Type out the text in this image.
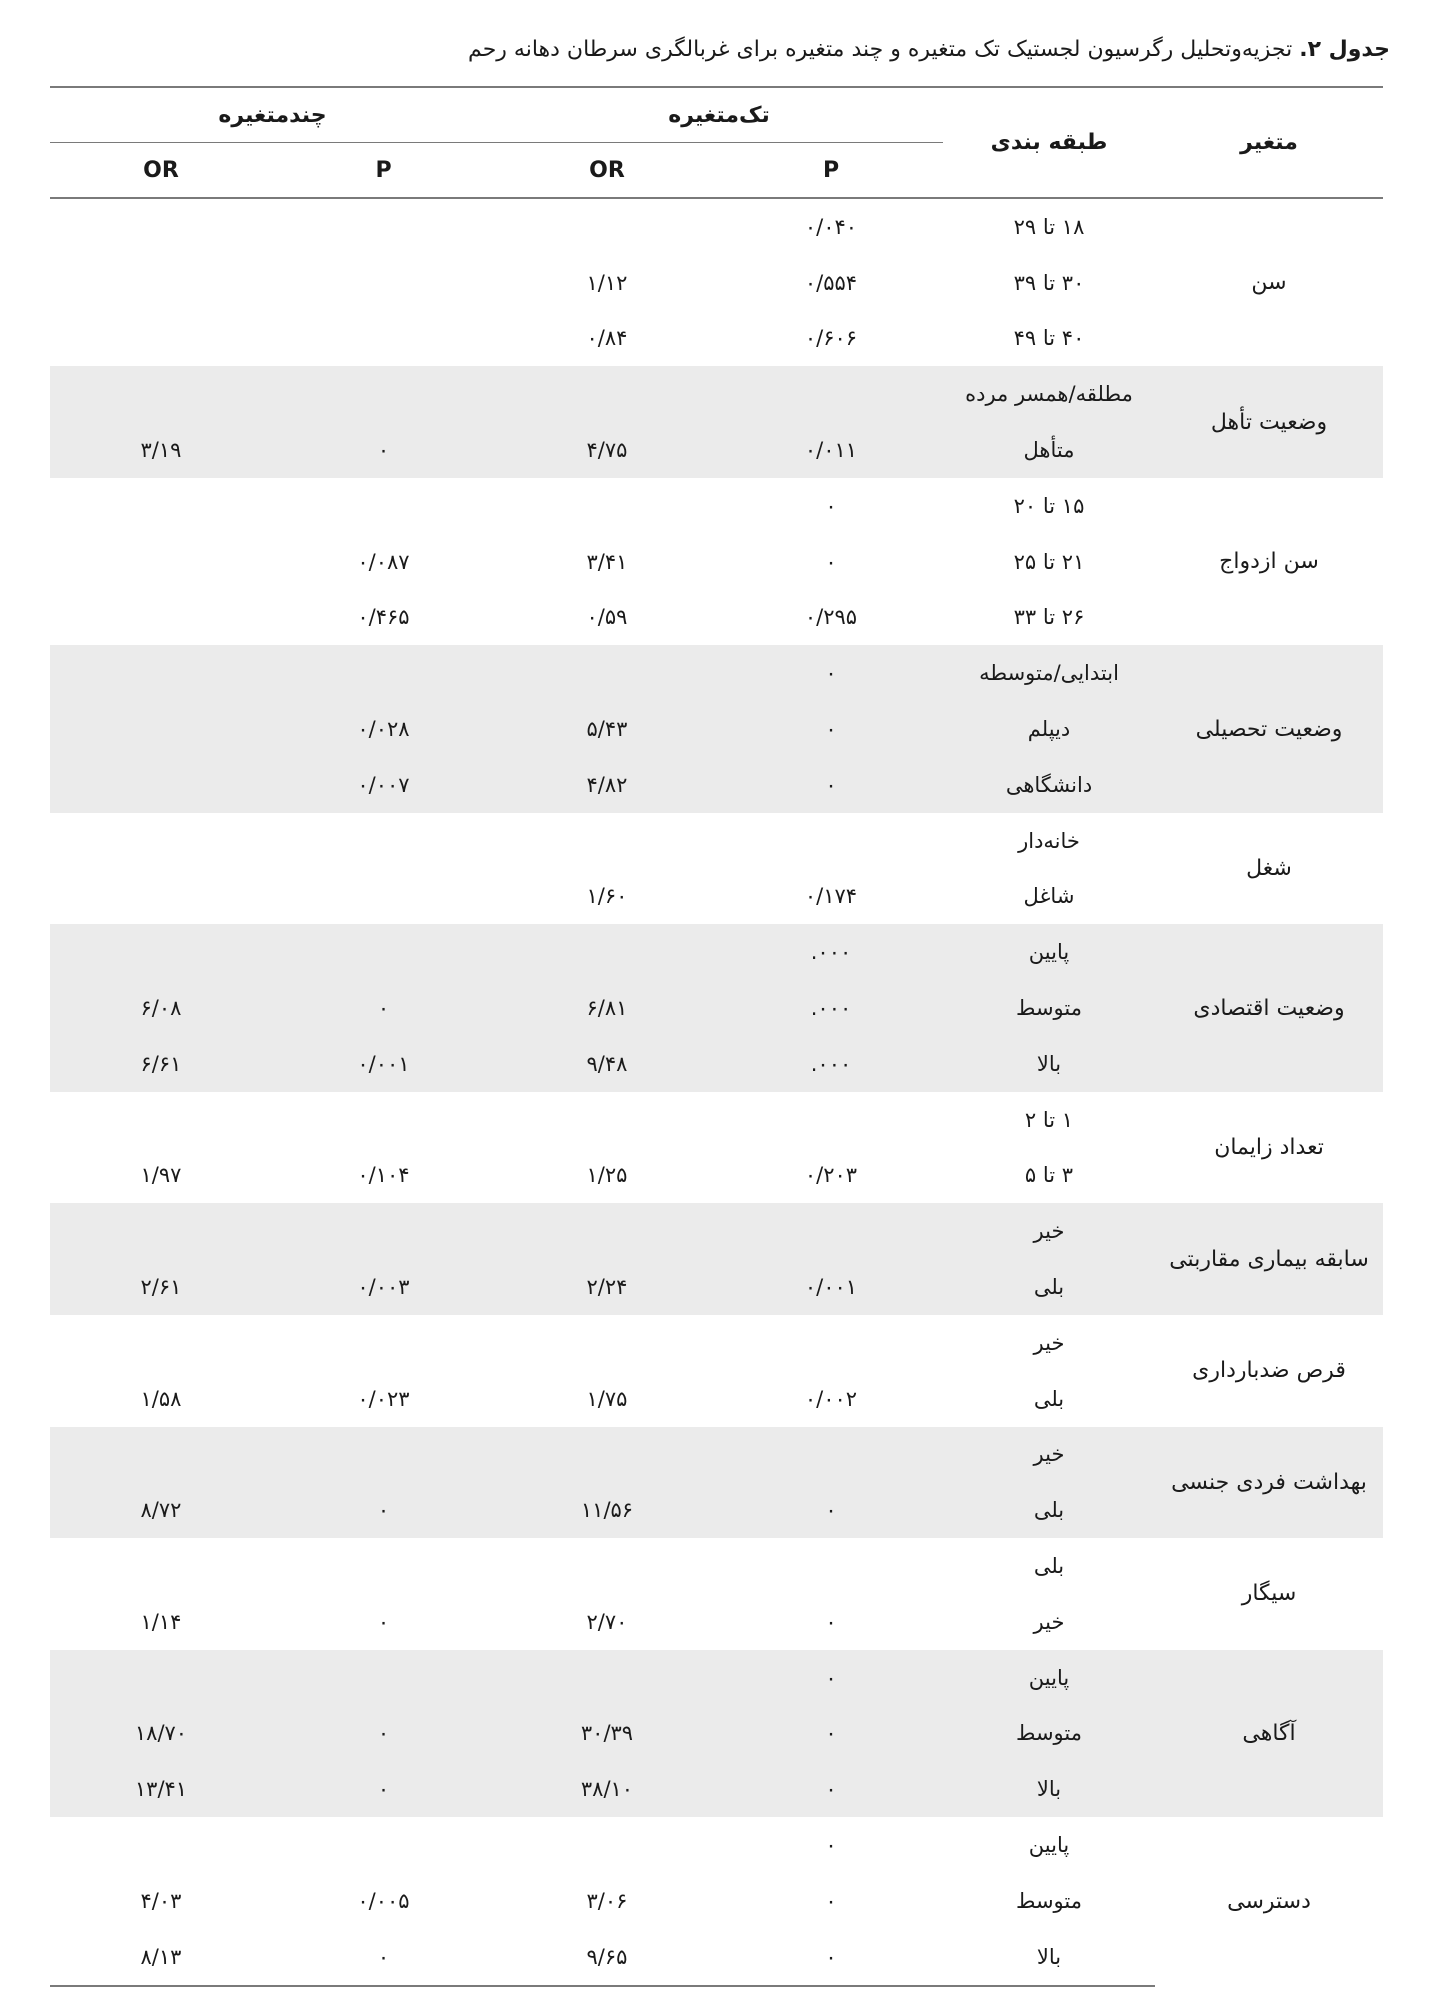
جدول ۲. تجزیه‌وتحلیل رگرسیون لجستیک تک متغیره و چند متغیره برای غربالگری سرطان دهانه رحم
متغیر	طبقه بندی	تک‌متغیره		چندمتغیره	
		P	OR	P	OR
سن	۱۸ تا ۲۹	۰/۰۴۰			
	۳۰ تا ۳۹	۰/۵۵۴	۱/۱۲		
	۴۰ تا ۴۹	۰/۶۰۶	۰/۸۴		
وضعیت تأهل	مطلقه/همسر مرده				
	متأهل	۰/۰۱۱	۴/۷۵	۰	۳/۱۹
سن ازدواج	۱۵ تا ۲۰	۰			
	۲۱ تا ۲۵	۰	۳/۴۱	۰/۰۸۷	
	۲۶ تا ۳۳	۰/۲۹۵	۰/۵۹	۰/۴۶۵	
وضعیت تحصیلی	ابتدایی/متوسطه	۰			
	دیپلم	۰	۵/۴۳	۰/۰۲۸	
	دانشگاهی	۰	۴/۸۲	۰/۰۰۷	
شغل	خانه‌دار				
	شاغل	۰/۱۷۴	۱/۶۰		
وضعیت اقتصادی	پایین	۰۰۰.			
	متوسط	۰۰۰.	۶/۸۱	۰	۶/۰۸
	بالا	۰۰۰.	۹/۴۸	۰/۰۰۱	۶/۶۱
تعداد زایمان	۱ تا ۲				
	۳ تا ۵	۰/۲۰۳	۱/۲۵	۰/۱۰۴	۱/۹۷
سابقه بیماری مقاربتی	خیر				
	بلی	۰/۰۰۱	۲/۲۴	۰/۰۰۳	۲/۶۱
قرص ضدبارداری	خیر				
	بلی	۰/۰۰۲	۱/۷۵	۰/۰۲۳	۱/۵۸
بهداشت فردی جنسی	خیر				
	بلی	۰	۱۱/۵۶	۰	۸/۷۲
سیگار	بلی				
	خیر	۰	۲/۷۰	۰	۱/۱۴
آگاهی	پایین	۰			
	متوسط	۰	۳۰/۳۹	۰	۱۸/۷۰
	بالا	۰	۳۸/۱۰	۰	۱۳/۴۱
دسترسی	پایین	۰			
	متوسط	۰	۳/۰۶	۰/۰۰۵	۴/۰۳
	بالا	۰	۹/۶۵	۰	۸/۱۳
